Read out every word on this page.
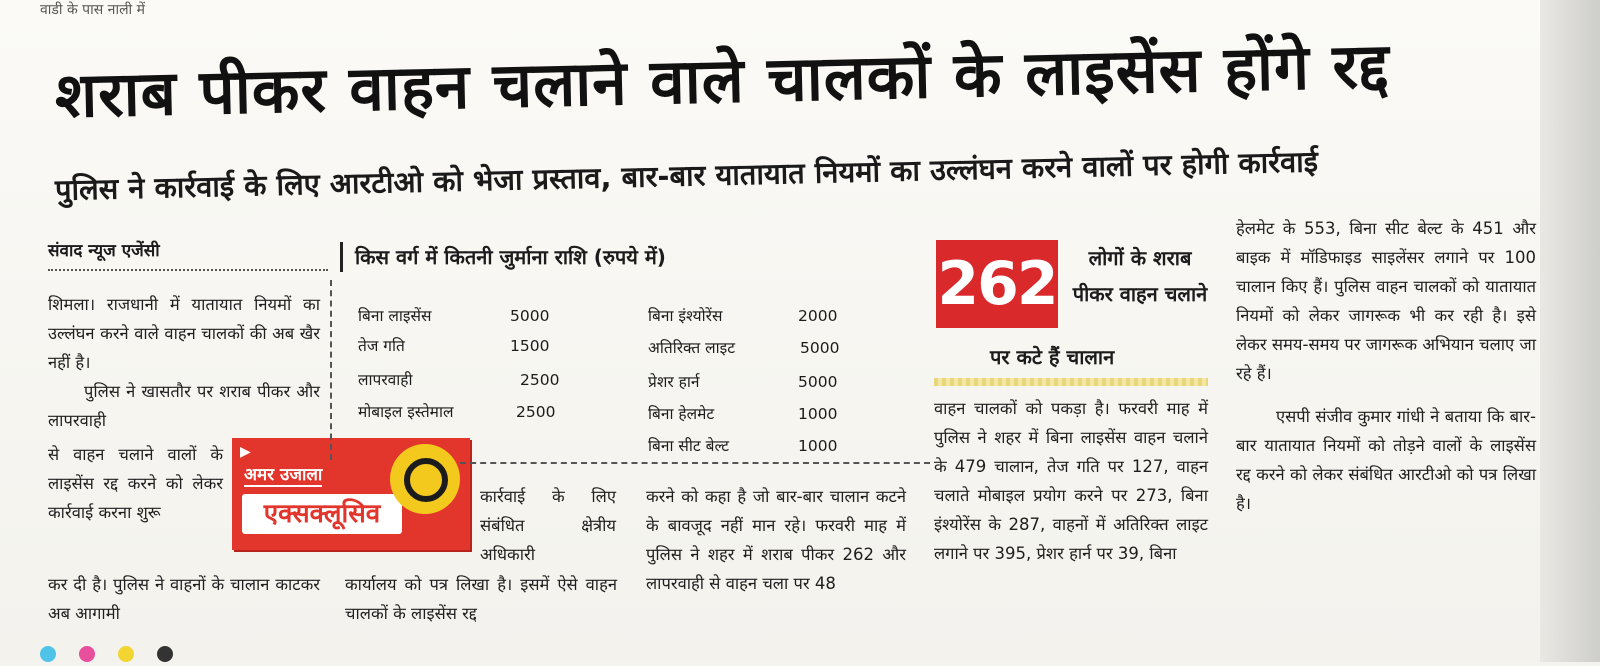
वाडी के पास नाली में
शराब पीकर वाहन चलाने वाले चालकों के लाइसेंस होंगे रद्द
पुलिस ने कार्रवाई के लिए आरटीओ को भेजा प्रस्ताव, बार-बार यातायात नियमों का उल्लंघन करने वालों पर होगी कार्रवाई
संवाद न्यूज एजेंसी

शिमला। राजधानी में यातायात नियमों का उल्लंघन करने वाले वाहन चालकों की अब खैर नहीं है।

पुलिस ने खासतौर पर शराब पीकर और लापरवाही

से वाहन चलाने वालों के लाइसेंस रद्द करने को लेकर कार्रवाई करना शुरू

कर दी है। पुलिस ने वाहनों के चालान काटकर अब आगामी

▶
अमर उजाला
एक्सक्लूसिव
किस वर्ग में कितनी जुर्माना राशि (रुपये में)
बिना लाइसेंस	5000
तेज गति	1500
लापरवाही	2500
मोबाइल इस्तेमाल	2500
बिना इंश्योरेंस	2000
अतिरिक्त लाइट	5000
प्रेशर हार्न	5000
बिना हेलमेट	1000
बिना सीट बेल्ट	1000

कार्रवाई के लिए संबंधित क्षेत्रीय अधिकारी

कार्यालय को पत्र लिखा है। इसमें ऐसे वाहन चालकों के लाइसेंस रद्द

करने को कहा है जो बार-बार चालान कटने के बावजूद नहीं मान रहे। फरवरी माह में पुलिस ने शहर में शराब पीकर 262 और लापरवाही से वाहन चला पर 48

262	लोगों के शराब पीकर वाहन चलाने
पर कटे हैं चालान

वाहन चालकों को पकड़ा है। फरवरी माह में पुलिस ने शहर में बिना लाइसेंस वाहन चलाने के 479 चालान, तेज गति पर 127, वाहन चलाते मोबाइल प्रयोग करने पर 273, बिना इंश्योरेंस के 287, वाहनों में अतिरिक्त लाइट लगाने पर 395, प्रेशर हार्न पर 39, बिना

हेलमेट के 553, बिना सीट बेल्ट के 451 और बाइक में मॉडिफाइड साइलेंसर लगाने पर 100 चालान किए हैं। पुलिस वाहन चालकों को यातायात नियमों को लेकर जागरूक भी कर रही है। इसे लेकर समय-समय पर जागरूक अभियान चलाए जा रहे हैं।

एसपी संजीव कुमार गांधी ने बताया कि बार-बार यातायात नियमों को तोड़ने वालों के लाइसेंस रद्द करने को लेकर संबंधित आरटीओ को पत्र लिखा है।
